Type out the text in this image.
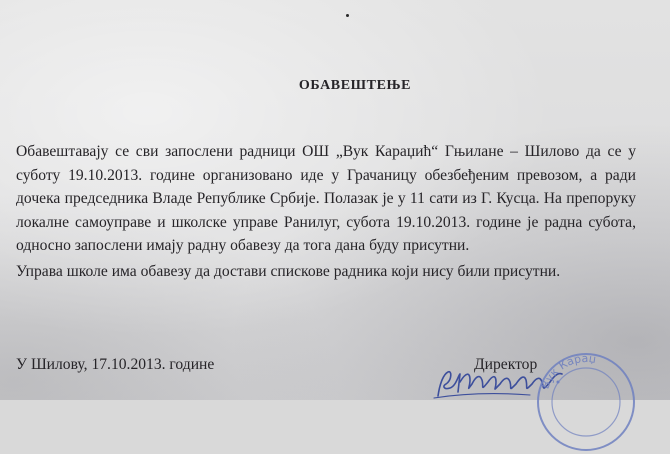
ОБАВЕШТЕЊЕ

Обавештавају се сви запослени радници ОШ „Вук Караџић“ Гњилане – Шилово да се у суботу 19.10.2013. године организовано иде у Грачаницу обезбеђеним превозом, а ради дочека председника Владе Републике Србије. Полазак је у 11 сати из Г. Кусца. На препоруку локалне самоуправе и школске управе Ранилуг, субота 19.10.2013. године је радна субота, односно запослени имају радну обавезу да тога дана буду присутни.

Управа школе има обавезу да достави спискове радника који нису били присутни.

У Шилову, 17.10.2013. године	Директор

Вук Караџ
